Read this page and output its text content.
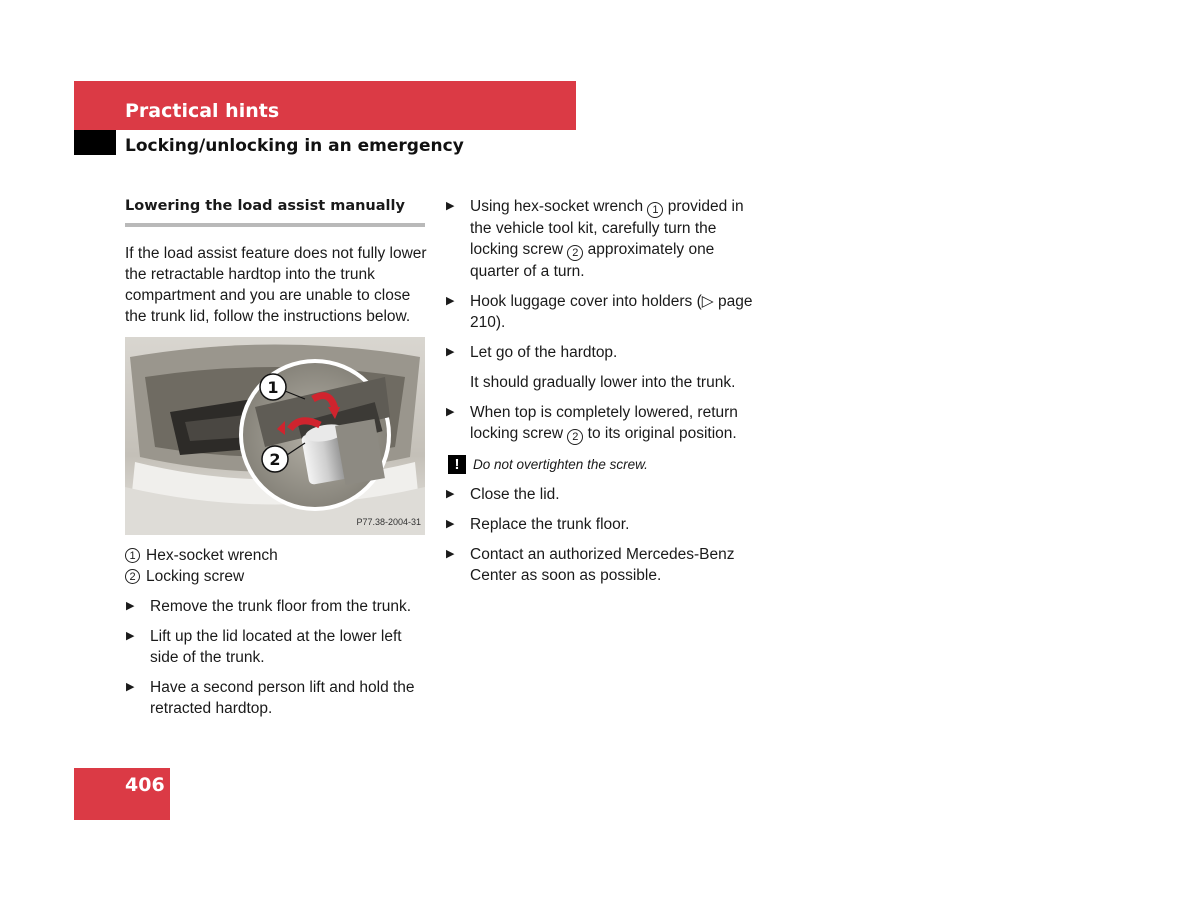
Practical hints
Locking/unlocking in an emergency
Lowering the load assist manually
If the load assist feature does not fully lower the retractable hardtop into the trunk compartment and you are unable to close the trunk lid, follow the instructions below.
1
2
P77.38-2004-31
1 Hex-socket wrench
2 Locking screw
▶ Remove the trunk floor from the trunk.
▶ Lift up the lid located at the lower left side of the trunk.
▶ Have a second person lift and hold the retracted hardtop.
▶ Using hex-socket wrench 1 provided in the vehicle tool kit, carefully turn the locking screw 2 approximately one quarter of a turn.
▶ Hook luggage cover into holders (▷ page 210).
▶ Let go of the hardtop.
It should gradually lower into the trunk.
▶ When top is completely lowered, return locking screw 2 to its original position.
!	Do not overtighten the screw.
▶ Close the lid.
▶ Replace the trunk floor.
▶ Contact an authorized Mercedes-Benz Center as soon as possible.
406
